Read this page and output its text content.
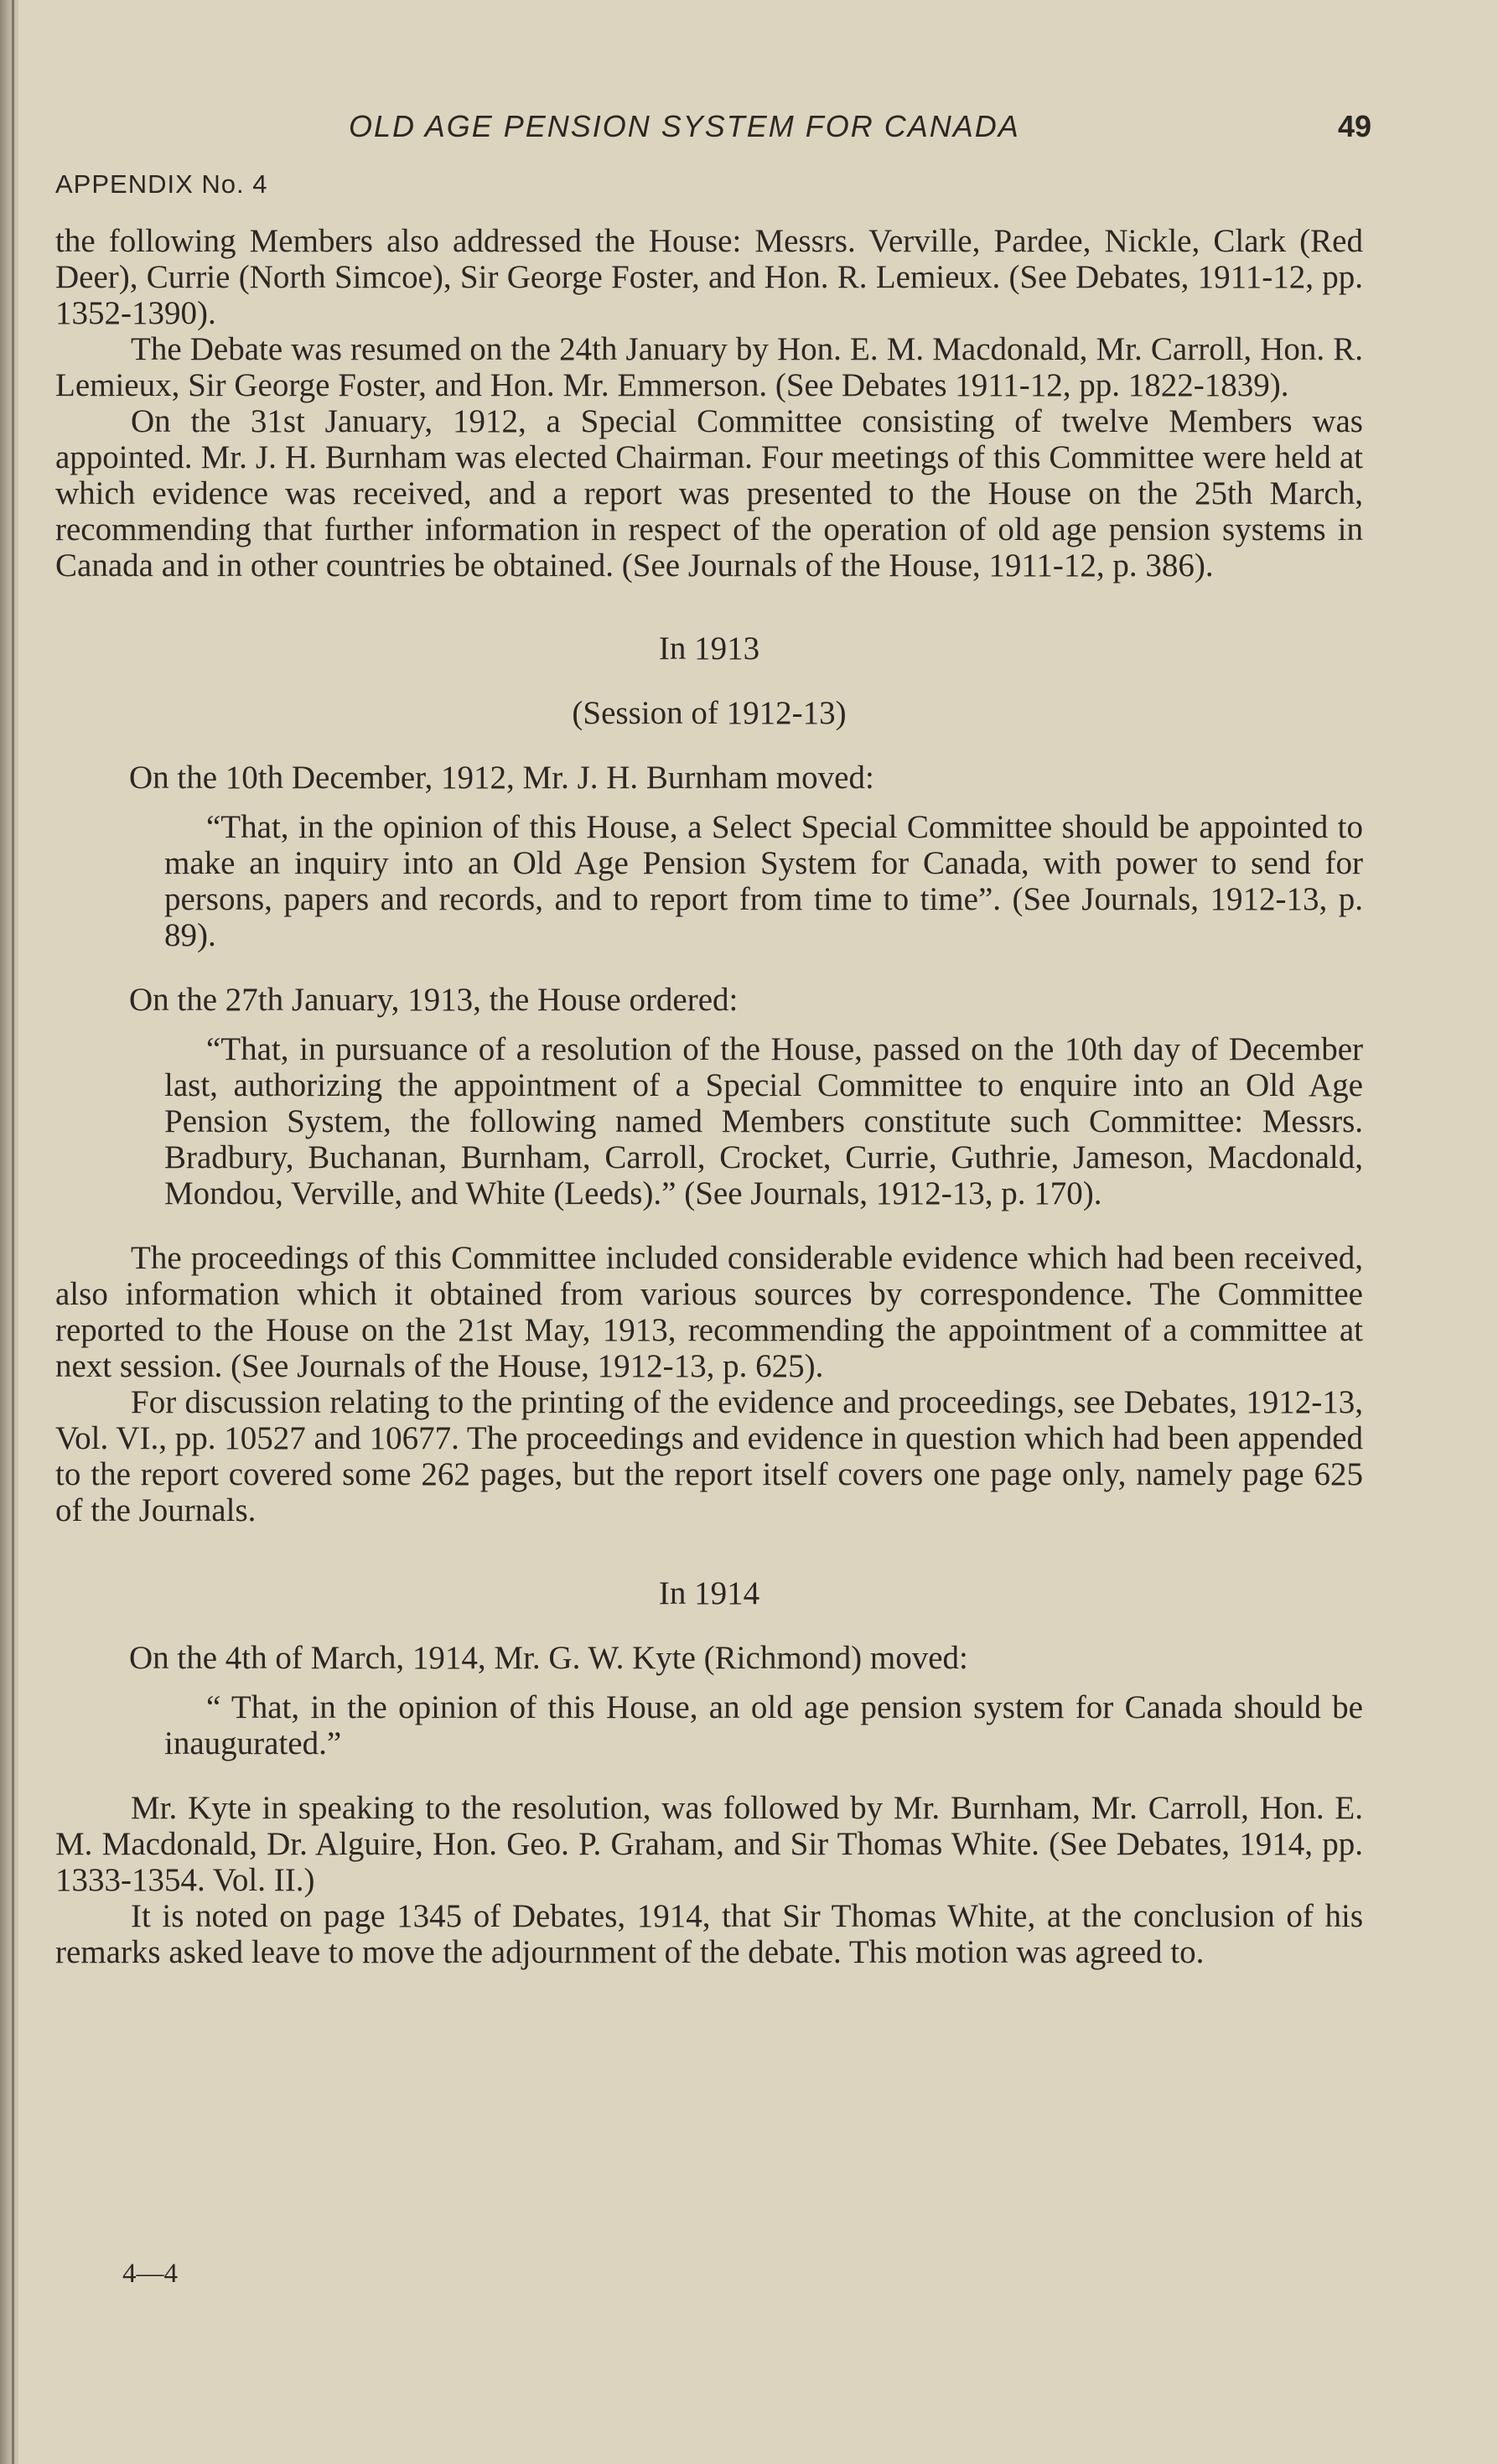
OLD AGE PENSION SYSTEM FOR CANADA	49
APPENDIX No. 4

the following Members also addressed the House: Messrs. Verville, Pardee, Nickle, Clark (Red Deer), Currie (North Simcoe), Sir George Foster, and Hon. R. Lemieux. (See Debates, 1911-12, pp. 1352-1390).

The Debate was resumed on the 24th January by Hon. E. M. Macdonald, Mr. Carroll, Hon. R. Lemieux, Sir George Foster, and Hon. Mr. Emmerson. (See Debates 1911-12, pp. 1822-1839).

On the 31st January, 1912, a Special Committee consisting of twelve Members was appointed. Mr. J. H. Burnham was elected Chairman. Four meetings of this Committee were held at which evidence was received, and a report was presented to the House on the 25th March, recommending that further information in respect of the operation of old age pension systems in Canada and in other countries be obtained. (See Journals of the House, 1911-12, p. 386).

In 1913

(Session of 1912-13)

On the 10th December, 1912, Mr. J. H. Burnham moved:

“That, in the opinion of this House, a Select Special Committee should be appointed to make an inquiry into an Old Age Pension System for Canada, with power to send for persons, papers and records, and to report from time to time”. (See Journals, 1912-13, p. 89).

On the 27th January, 1913, the House ordered:

“That, in pursuance of a resolution of the House, passed on the 10th day of December last, authorizing the appointment of a Special Committee to enquire into an Old Age Pension System, the following named Members constitute such Committee: Messrs. Bradbury, Buchanan, Burnham, Carroll, Crocket, Currie, Guthrie, Jameson, Macdonald, Mondou, Verville, and White (Leeds).” (See Journals, 1912-13, p. 170).

The proceedings of this Committee included considerable evidence which had been received, also information which it obtained from various sources by correspondence. The Committee reported to the House on the 21st May, 1913, recommending the appointment of a committee at next session. (See Journals of the House, 1912-13, p. 625).

For discussion relating to the printing of the evidence and proceedings, see Debates, 1912-13, Vol. VI., pp. 10527 and 10677. The proceedings and evidence in question which had been appended to the report covered some 262 pages, but the report itself covers one page only, namely page 625 of the Journals.

In 1914

On the 4th of March, 1914, Mr. G. W. Kyte (Richmond) moved:

“ That, in the opinion of this House, an old age pension system for Canada should be inaugurated.”

Mr. Kyte in speaking to the resolution, was followed by Mr. Burnham, Mr. Carroll, Hon. E. M. Macdonald, Dr. Alguire, Hon. Geo. P. Graham, and Sir Thomas White. (See Debates, 1914, pp. 1333-1354. Vol. II.)

It is noted on page 1345 of Debates, 1914, that Sir Thomas White, at the conclusion of his remarks asked leave to move the adjournment of the debate. This motion was agreed to.

4—4
